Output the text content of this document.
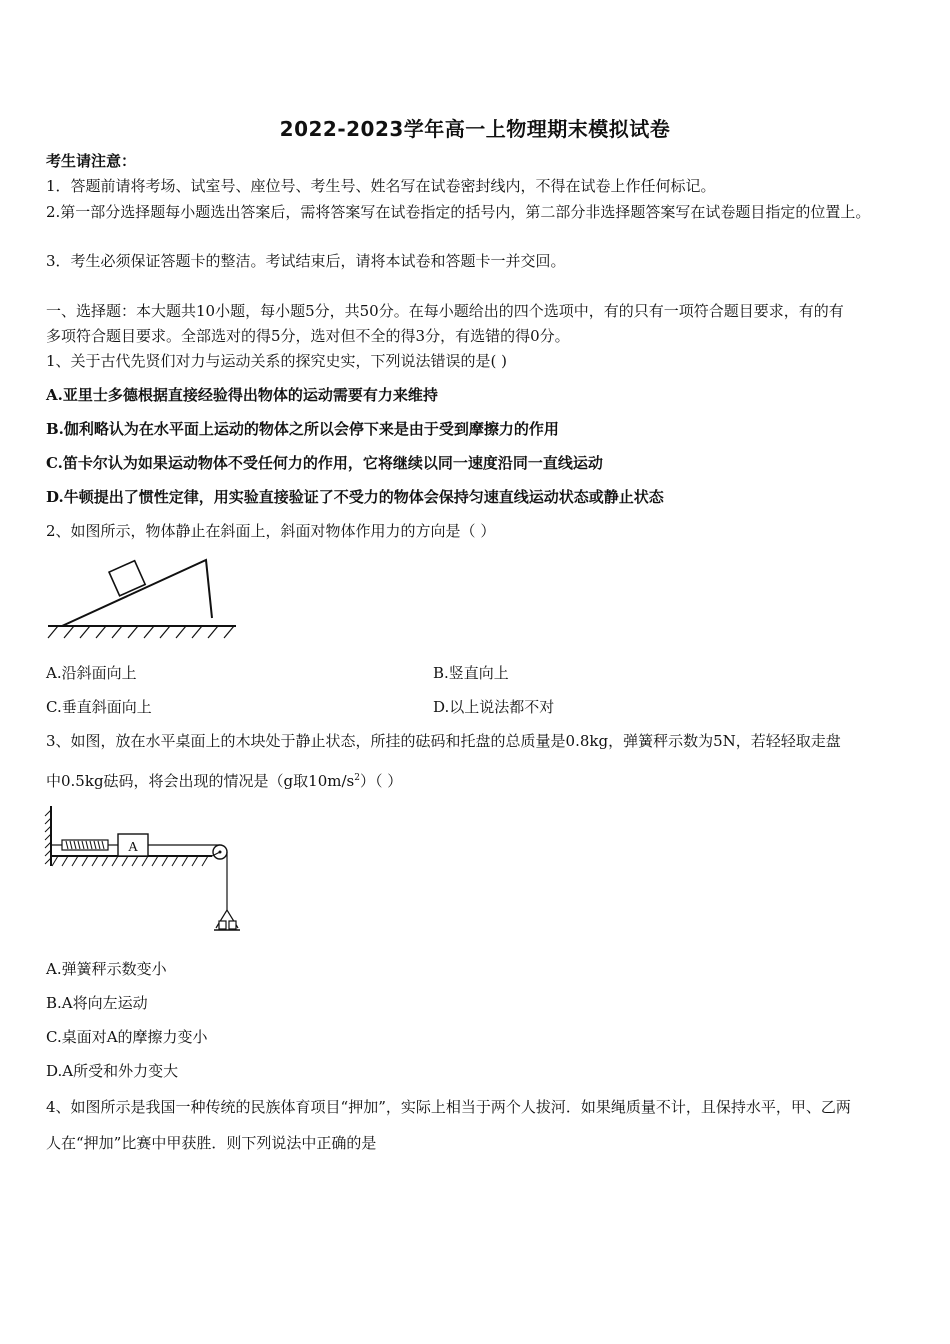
2022-2023学年高一上物理期末模拟试卷
考生请注意：
1．答题前请将考场、试室号、座位号、考生号、姓名写在试卷密封线内，不得在试卷上作任何标记。
2.第一部分选择题每小题选出答案后，需将答案写在试卷指定的括号内，第二部分非选择题答案写在试卷题目指定的位置上。
3．考生必须保证答题卡的整洁。考试结束后，请将本试卷和答题卡一并交回。
一、选择题：本大题共10小题，每小题5分，共50分。在每小题给出的四个选项中，有的只有一项符合题目要求，有的有
多项符合题目要求。全部选对的得5分，选对但不全的得3分，有选错的得0分。
1、关于古代先贤们对力与运动关系的探究史实，下列说法错误的是( )
A.亚里士多德根据直接经验得出物体的运动需要有力来维持
B.伽利略认为在水平面上运动的物体之所以会停下来是由于受到摩擦力的作用
C.笛卡尔认为如果运动物体不受任何力的作用，它将继续以同一速度沿同一直线运动
D.牛顿提出了惯性定律，用实验直接验证了不受力的物体会保持匀速直线运动状态或静止状态
2、如图所示，物体静止在斜面上，斜面对物体作用力的方向是（ ）
A.沿斜面向上	B.竖直向上
C.垂直斜面向上	D.以上说法都不对
3、如图，放在水平桌面上的木块处于静止状态，所挂的砝码和托盘的总质量是0.8kg，弹簧秤示数为5N，若轻轻取走盘
中0.5kg砝码，将会出现的情况是（g取$10m/s^2$）（ ）
A
A.弹簧秤示数变小
B.A将向左运动
C.桌面对A的摩擦力变小
D.A所受和外力变大
4、如图所示是我国一种传统的民族体育项目“押加”，实际上相当于两个人拔河．如果绳质量不计，且保持水平，甲、乙两
人在“押加”比赛中甲获胜．则下列说法中正确的是
